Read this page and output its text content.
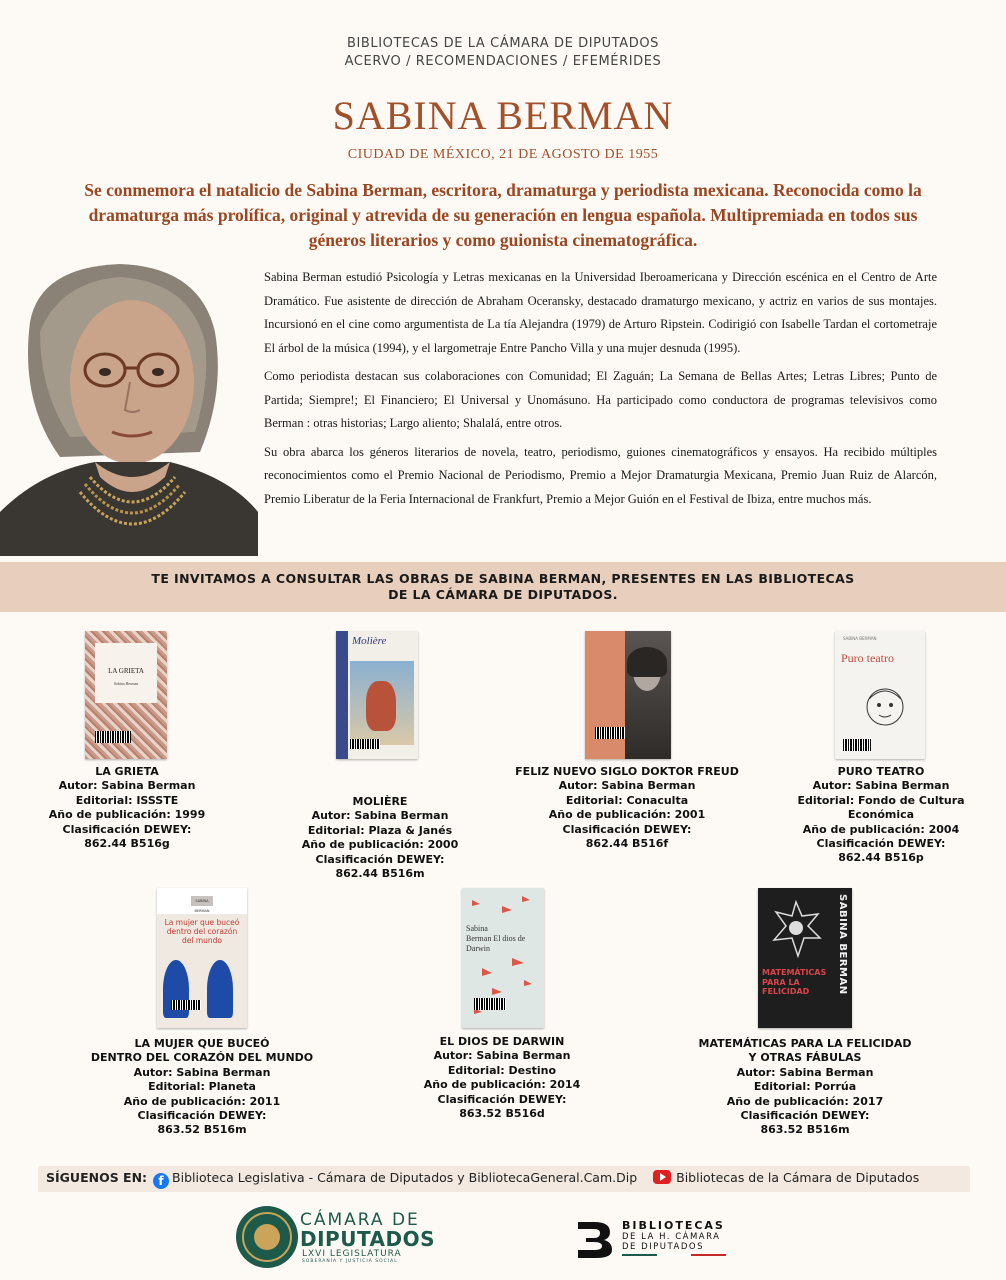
BIBLIOTECAS DE LA CÁMARA DE DIPUTADOS
ACERVO / RECOMENDACIONES / EFEMÉRIDES
SABINA BERMAN
CIUDAD DE MÉXICO, 21 DE AGOSTO DE 1955
Se conmemora el natalicio de Sabina Berman, escritora, dramaturga y periodista mexicana. Reconocida como la dramaturga más prolífica, original y atrevida de su generación en lengua española. Multipremiada en todos sus géneros literarios y como guionista cinematográfica.

Sabina Berman estudió Psicología y Letras mexicanas en la Universidad Iberoamericana y Dirección escénica en el Centro de Arte Dramático. Fue asistente de dirección de Abraham Oceransky, destacado dramaturgo mexicano, y actriz en varios de sus montajes. Incursionó en el cine como argumentista de La tía Alejandra (1979) de Arturo Ripstein. Codirigió con Isabelle Tardan el cortometraje El árbol de la música (1994), y el largometraje Entre Pancho Villa y una mujer desnuda (1995).

Como periodista destacan sus colaboraciones con Comunidad; El Zaguán; La Semana de Bellas Artes; Letras Libres; Punto de Partida; Siempre!; El Financiero; El Universal y Unomásuno. Ha participado como conductora de programas televisivos como Berman : otras historias; Largo aliento; Shalalá, entre otros.

Su obra abarca los géneros literarios de novela, teatro, periodismo, guiones cinematográficos y ensayos. Ha recibido múltiples reconocimientos como el Premio Nacional de Periodismo, Premio a Mejor Dramaturgia Mexicana, Premio Juan Ruiz de Alarcón, Premio Liberatur de la Feria Internacional de Frankfurt, Premio a Mejor Guión en el Festival de Ibiza, entre muchos más.

TE INVITAMOS A CONSULTAR LAS OBRAS DE SABINA BERMAN, PRESENTES EN LAS BIBLIOTECAS
DE LA CÁMARA DE DIPUTADOS.
LA GRIETA
Sabina Berman
LA GRIETA
Autor: Sabina Berman
Editorial: ISSSTE
Año de publicación: 1999
Clasificación DEWEY:
862.44 B516g
Molière
MOLIÈRE
Autor: Sabina Berman
Editorial: Plaza & Janés
Año de publicación: 2000
Clasificación DEWEY:
862.44 B516m
FELIZ NUEVO SIGLO DOKTOR FREUD
Autor: Sabina Berman
Editorial: Conaculta
Año de publicación: 2001
Clasificación DEWEY:
862.44 B516f
SABINA BERMAN
Puro teatro
PURO TEATRO
Autor: Sabina Berman
Editorial: Fondo de Cultura Económica
Año de publicación: 2004
Clasificación DEWEY:
862.44 B516p
SABINA BERMAN
La mujer que buceó dentro del corazón del mundo
LA MUJER QUE BUCEÓ
DENTRO DEL CORAZÓN DEL MUNDO
Autor: Sabina Berman
Editorial: Planeta
Año de publicación: 2011
Clasificación DEWEY:
863.52 B516m
Sabina
Berman El dios de Darwin
EL DIOS DE DARWIN
Autor: Sabina Berman
Editorial: Destino
Año de publicación: 2014
Clasificación DEWEY:
863.52 B516d
SABINA BERMAN
MATEMÁTICAS PARA LA FELICIDAD
MATEMÁTICAS PARA LA FELICIDAD
Y OTRAS FÁBULAS
Autor: Sabina Berman
Editorial: Porrúa
Año de publicación: 2017
Clasificación DEWEY:
863.52 B516m
SÍGUENOS EN: f Biblioteca Legislativa - Cámara de Diputados y BibliotecaGeneral.Cam.Dip	Bibliotecas de la Cámara de Diputados
CÁMARA DE
DIPUTADOS
LXVI LEGISLATURA
SOBERANÍA Y JUSTICIA SOCIAL
BIBLIOTECAS
DE LA H. CÁMARA
DE DIPUTADOS
